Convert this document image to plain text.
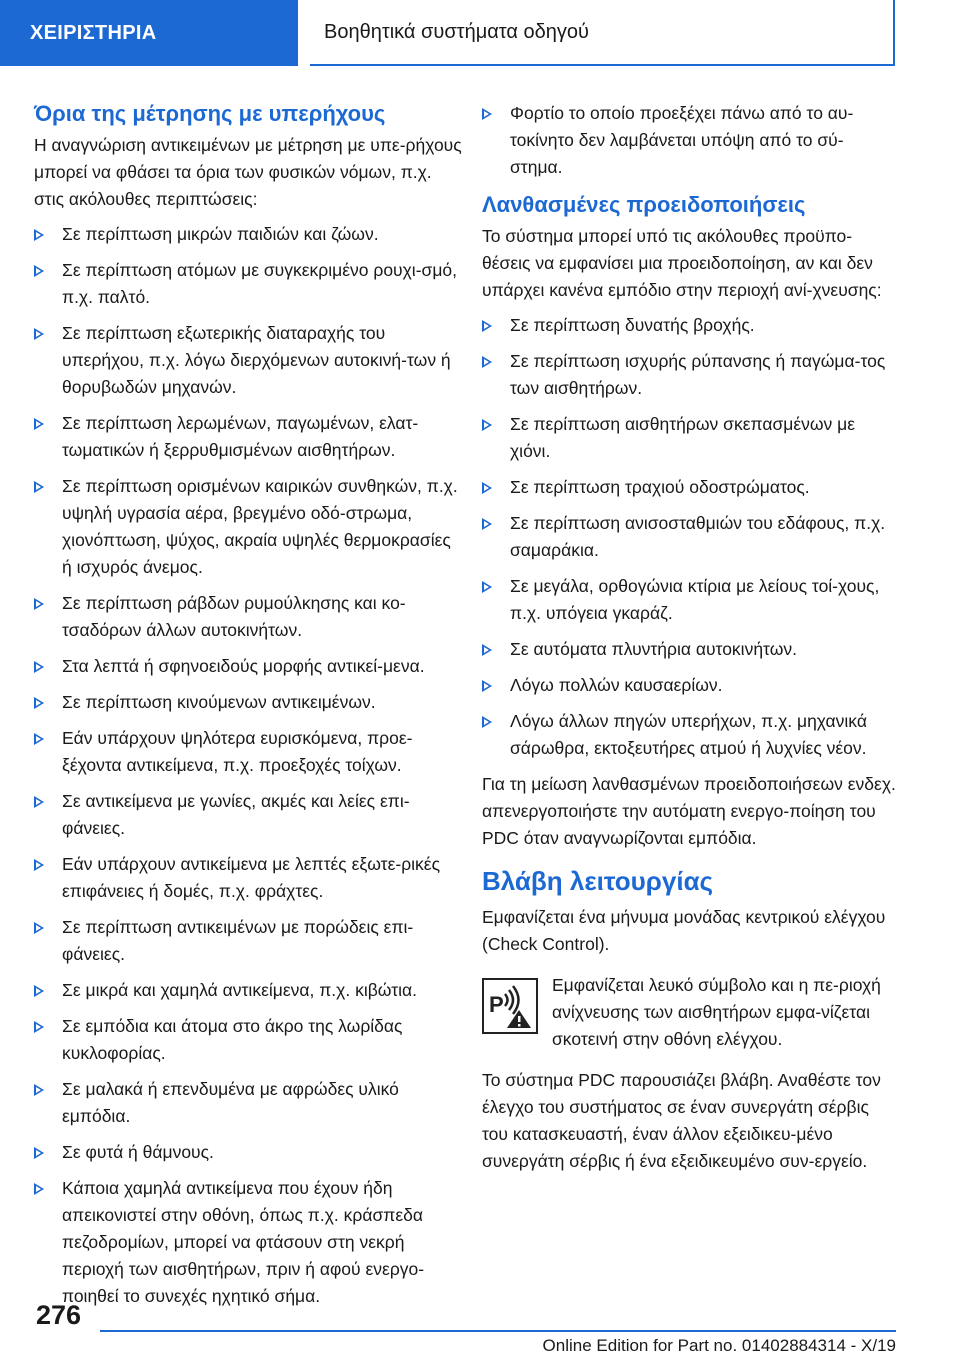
ΧΕΙΡΙΣΤΗΡΙΑ	Βοηθητικά συστήματα οδηγού
Όρια της μέτρησης με υπερήχους

Η αναγνώριση αντικειμένων με μέτρηση με υπε-ρήχους μπορεί να φθάσει τα όρια των φυσικών νόμων, π.χ. στις ακόλουθες περιπτώσεις:

Σε περίπτωση μικρών παιδιών και ζώων.
Σε περίπτωση ατόμων με συγκεκριμένο ρουχι-σμό, π.χ. παλτό.
Σε περίπτωση εξωτερικής διαταραχής του υπερήχου, π.χ. λόγω διερχόμενων αυτοκινή-των ή θορυβωδών μηχανών.
Σε περίπτωση λερωμένων, παγωμένων, ελατ-τωματικών ή ξερρυθμισμένων αισθητήρων.
Σε περίπτωση ορισμένων καιρικών συνθηκών, π.χ. υψηλή υγρασία αέρα, βρεγμένο οδό-στρωμα, χιονόπτωση, ψύχος, ακραία υψηλές θερμοκρασίες ή ισχυρός άνεμος.
Σε περίπτωση ράβδων ρυμούλκησης και κο-τσαδόρων άλλων αυτοκινήτων.
Στα λεπτά ή σφηνοειδούς μορφής αντικεί-μενα.
Σε περίπτωση κινούμενων αντικειμένων.
Εάν υπάρχουν ψηλότερα ευρισκόμενα, προε-ξέχοντα αντικείμενα, π.χ. προεξοχές τοίχων.
Σε αντικείμενα με γωνίες, ακμές και λείες επι-φάνειες.
Εάν υπάρχουν αντικείμενα με λεπτές εξωτε-ρικές επιφάνειες ή δομές, π.χ. φράχτες.
Σε περίπτωση αντικειμένων με πορώδεις επι-φάνειες.
Σε μικρά και χαμηλά αντικείμενα, π.χ. κιβώτια.
Σε εμπόδια και άτομα στο άκρο της λωρίδας κυκλοφορίας.
Σε μαλακά ή επενδυμένα με αφρώδες υλικό εμπόδια.
Σε φυτά ή θάμνους.
Κάποια χαμηλά αντικείμενα που έχουν ήδη απεικονιστεί στην οθόνη, όπως π.χ. κράσπεδα πεζοδρομίων, μπορεί να φτάσουν στη νεκρή περιοχή των αισθητήρων, πριν ή αφού ενεργο-ποιηθεί το συνεχές ηχητικό σήμα.
Φορτίο το οποίο προεξέχει πάνω από το αυ-τοκίνητο δεν λαμβάνεται υπόψη από το σύ-στημα.
Λανθασμένες προειδοποιήσεις

Το σύστημα μπορεί υπό τις ακόλουθες προϋπο-θέσεις να εμφανίσει μια προειδοποίηση, αν και δεν υπάρχει κανένα εμπόδιο στην περιοχή ανί-χνευσης:

Σε περίπτωση δυνατής βροχής.
Σε περίπτωση ισχυρής ρύπανσης ή παγώμα-τος των αισθητήρων.
Σε περίπτωση αισθητήρων σκεπασμένων με χιόνι.
Σε περίπτωση τραχιού οδοστρώματος.
Σε περίπτωση ανισοσταθμιών του εδάφους, π.χ. σαμαράκια.
Σε μεγάλα, ορθογώνια κτίρια με λείους τοί-χους, π.χ. υπόγεια γκαράζ.
Σε αυτόματα πλυντήρια αυτοκινήτων.
Λόγω πολλών καυσαερίων.
Λόγω άλλων πηγών υπερήχων, π.χ. μηχανικά σάρωθρα, εκτοξευτήρες ατμού ή λυχνίες νέον.

Για τη μείωση λανθασμένων προειδοποιήσεων ενδεχ. απενεργοποιήστε την αυτόματη ενεργο-ποίηση του PDC όταν αναγνωρίζονται εμπόδια.

Βλάβη λειτουργίας

Εμφανίζεται ένα μήνυμα μονάδας κεντρικού ελέγχου (Check Control).

P

Εμφανίζεται λευκό σύμβολο και η πε-ριοχή ανίχνευσης των αισθητήρων εμφα-νίζεται σκοτεινή στην οθόνη ελέγχου.

Το σύστημα PDC παρουσιάζει βλάβη. Αναθέστε τον έλεγχο του συστήματος σε έναν συνεργάτη σέρβις του κατασκευαστή, έναν άλλον εξειδικευ-μένο συνεργάτη σέρβις ή ένα εξειδικευμένο συν-εργείο.

276
Online Edition for Part no. 01402884314 - X/19
